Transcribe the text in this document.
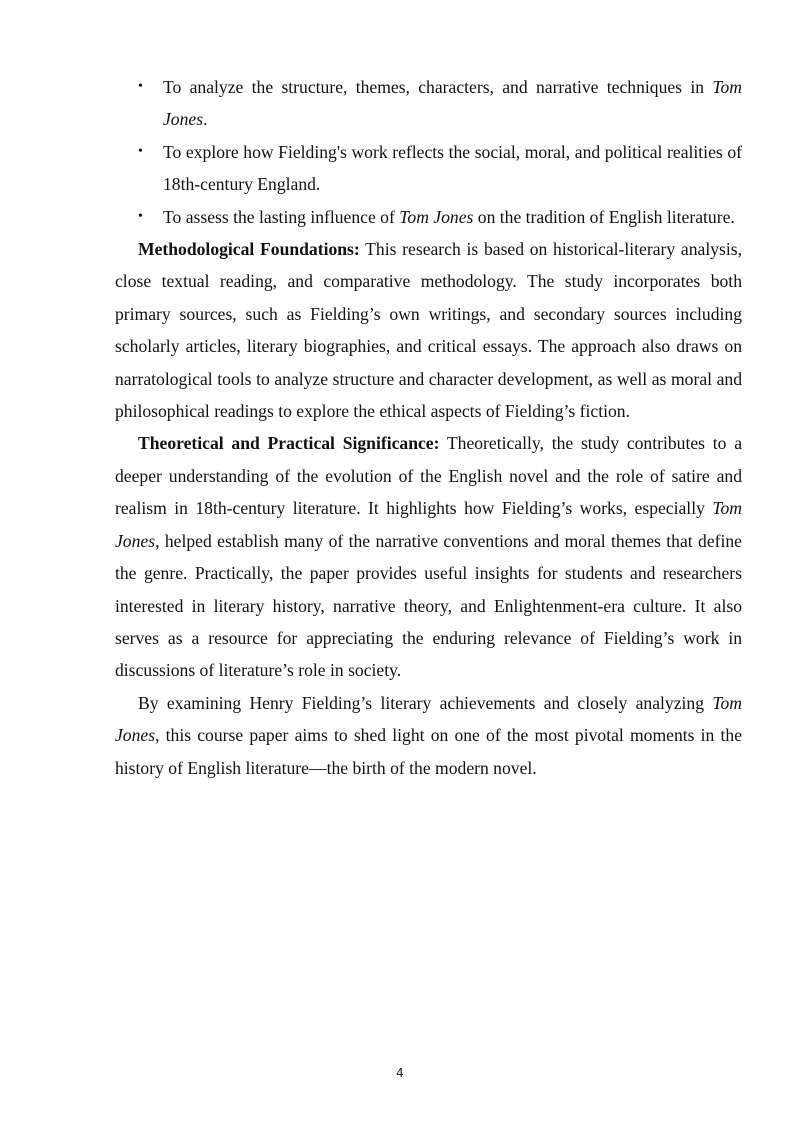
• To analyze the structure, themes, characters, and narrative techniques in Tom Jones.
• To explore how Fielding's work reflects the social, moral, and political realities of 18th-century England.
• To assess the lasting influence of Tom Jones on the tradition of English literature.

Methodological Foundations: This research is based on historical-literary analysis, close textual reading, and comparative methodology. The study incorporates both primary sources, such as Fielding’s own writings, and secondary sources including scholarly articles, literary biographies, and critical essays. The approach also draws on narratological tools to analyze structure and character development, as well as moral and philosophical readings to explore the ethical aspects of Fielding’s fiction.

Theoretical and Practical Significance: Theoretically, the study contributes to a deeper understanding of the evolution of the English novel and the role of satire and realism in 18th-century literature. It highlights how Fielding’s works, especially Tom Jones, helped establish many of the narrative conventions and moral themes that define the genre. Practically, the paper provides useful insights for students and researchers interested in literary history, narrative theory, and Enlightenment-era culture. It also serves as a resource for appreciating the enduring relevance of Fielding’s work in discussions of literature’s role in society.

By examining Henry Fielding’s literary achievements and closely analyzing Tom Jones, this course paper aims to shed light on one of the most pivotal moments in the history of English literature—the birth of the modern novel.

4
